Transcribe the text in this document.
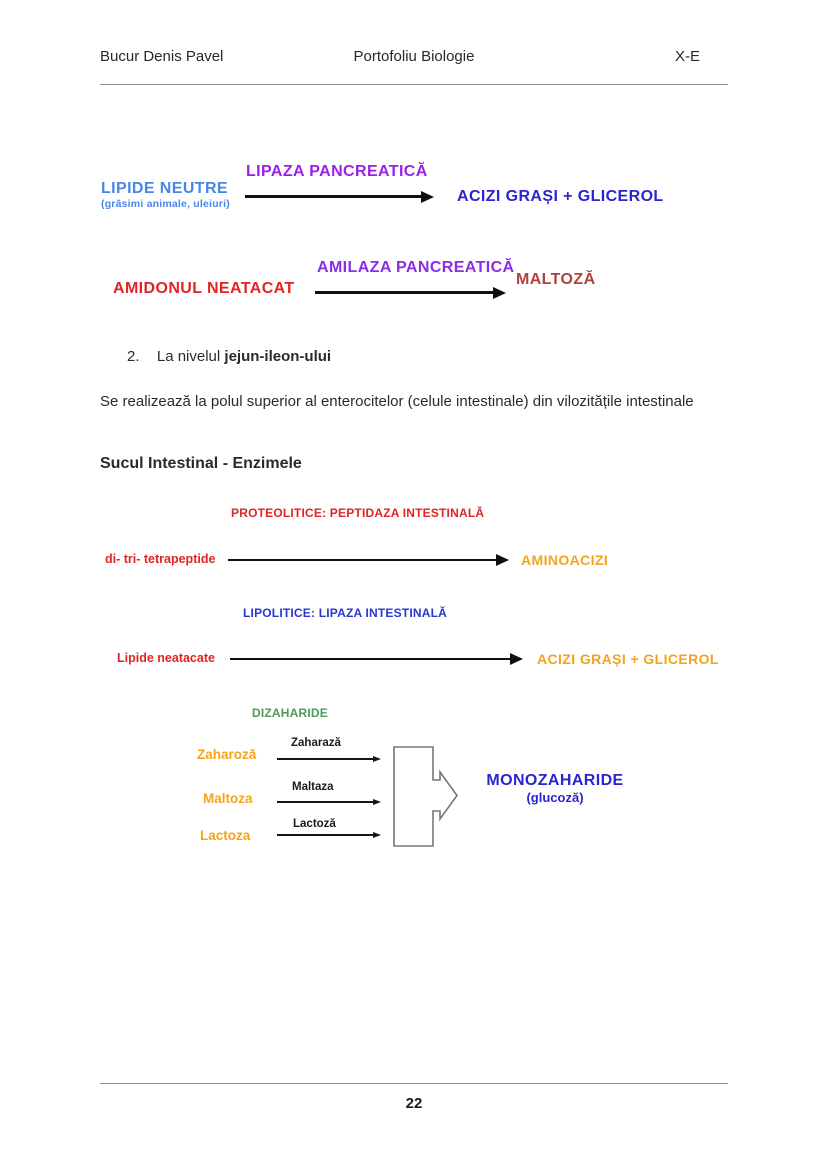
Bucur Denis Pavel	Portofoliu Biologie	X-E
LIPAZA PANCREATICĂ
LIPIDE NEUTRE
(grăsimi animale, uleiuri)	ACIZI GRAȘI + GLICEROL
AMILAZA PANCREATICĂ
AMIDONUL NEATACAT
MALTOZĂ
2. La nivelul jejun-ileon-ului
Se realizează la polul superior al enterocitelor (celule intestinale) din vilozitățile intestinale
Sucul Intestinal - Enzimele
PROTEOLITICE: PEPTIDAZA INTESTINALĂ
di- tri- tetrapeptide	AMINOACIZI
LIPOLITICE: LIPAZA INTESTINALĂ
Lipide neatacate	ACIZI GRAȘI + GLICEROL
DIZAHARIDE
Zaharoză
Zaharază
Maltoza
Maltaza
Lactoza
Lactoză
MONOZAHARIDE
(glucoză)
22
